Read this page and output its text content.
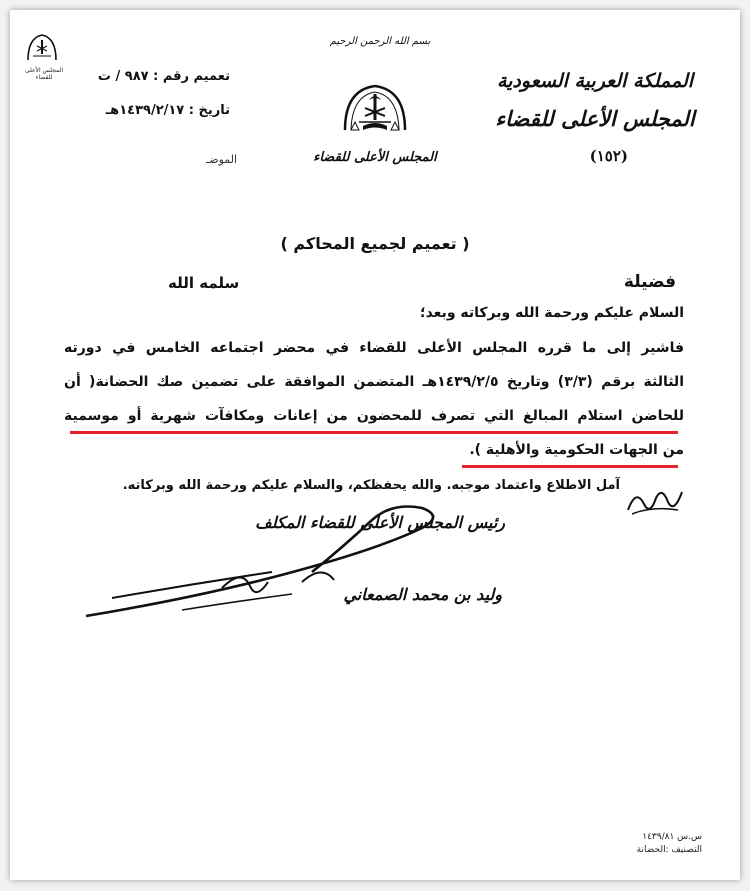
بسم الله الرحمن الرحيم
المملكة العربية السعودية
المجلس الأعلى للقضاء
(١٥٢)
المجلس الأعلى للقضاء
المجلس الأعلى للقضاء	تعميم رقم : ٩٨٧ / ت
تاريخ : ١٤٣٩/٢/١٧هـ
الموضـ
( تعميم لجميع المحاكم )
فضيلة
سلمه الله
السلام عليكم ورحمة الله وبركاته وبعد؛
فاشير إلى ما قرره المجلس الأعلى للقضاء في محضر اجتماعه الخامس في دورته
الثالثة برقم (٣/٣) وتاريخ ١٤٣٩/٢/٥هـ المتضمن الموافقة على تضمين صك الحضانة( أن
للحاضن استلام المبالغ التي تصرف للمحضون من إعانات ومكافآت شهرية أو موسمية
من الجهات الحكومية والأهلية ).
آمل الاطلاع واعتماد موجبه. والله يحفظكم، والسلام عليكم ورحمة الله وبركاته.
رئيس المجلس الأعلى للقضاء المكلف
وليد بن محمد الصمعاني
س.س ١٤٣٩/٨١
التصنيف :الحضانة
